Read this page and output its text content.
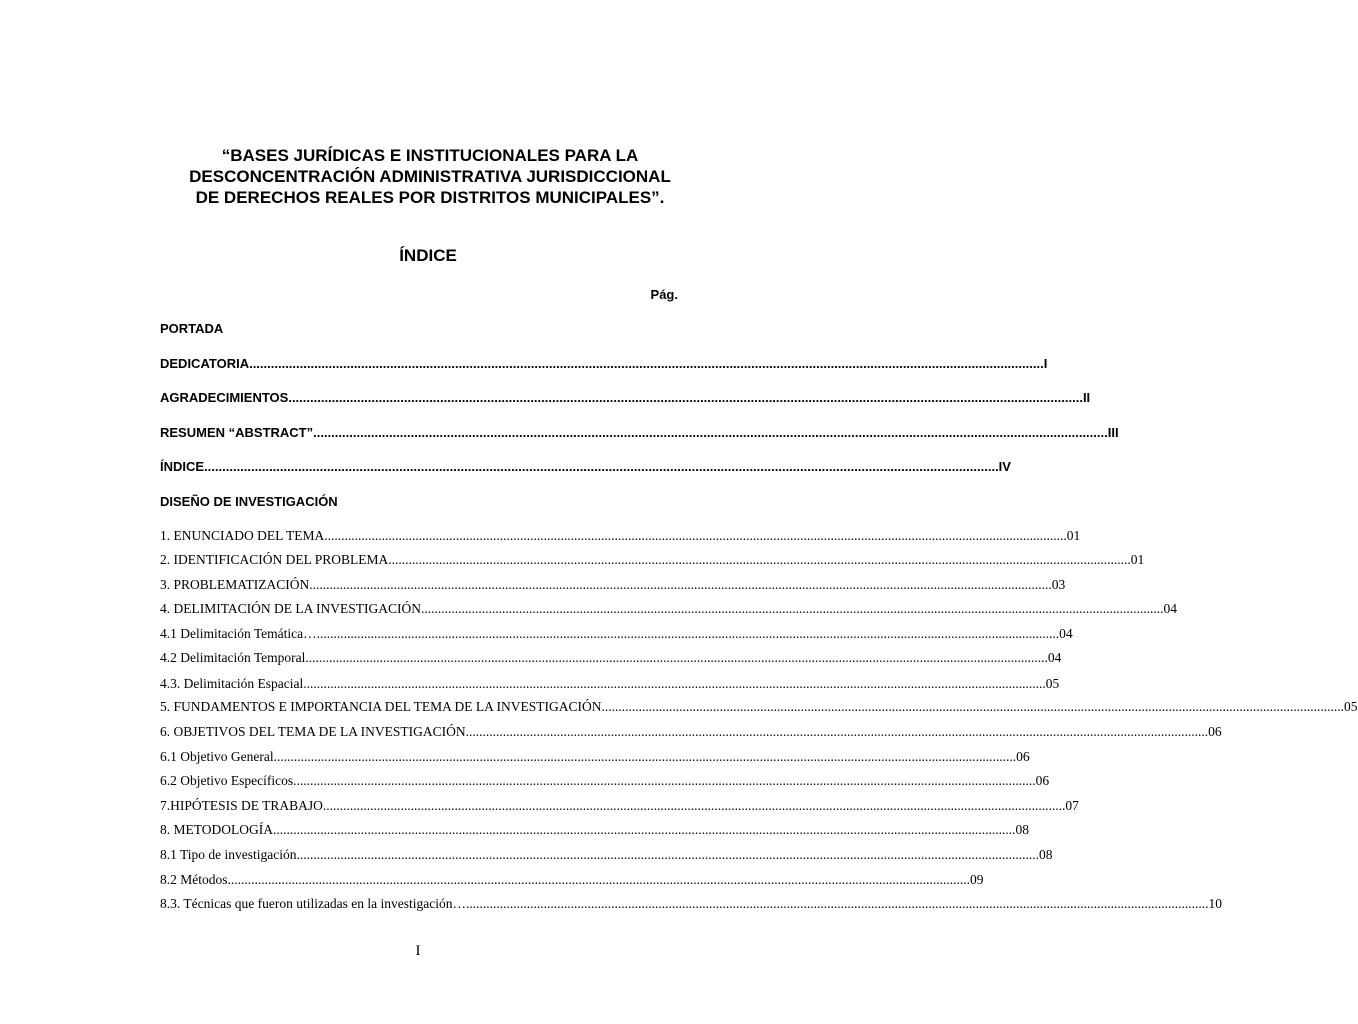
“BASES JURÍDICAS E INSTITUCIONALES PARA LA
DESCONCENTRACIÓN ADMINISTRATIVA JURISDICCIONAL
DE DERECHOS REALES POR DISTRITOS MUNICIPALES”.
ÍNDICE
Pág.
PORTADA
DEDICATORIA ............................................................................................................................................................................................................................ I
AGRADECIMIENTOS ............................................................................................................................................................................................................................ II
RESUMEN “ABSTRACT” ............................................................................................................................................................................................................................ III
ÍNDICE ............................................................................................................................................................................................................................ IV
DISEÑO DE INVESTIGACIÓN
1. ENUNCIADO DEL TEMA ............................................................................................................................................................................................................................ 01
2. IDENTIFICACIÓN DEL PROBLEMA ............................................................................................................................................................................................................................ 01
3. PROBLEMATIZACIÓN ............................................................................................................................................................................................................................ 03
4. DELIMITACIÓN DE LA INVESTIGACIÓN ............................................................................................................................................................................................................................ 04
4.1 Delimitación Temática… ............................................................................................................................................................................................................................ 04
4.2 Delimitación Temporal ............................................................................................................................................................................................................................ 04
4.3. Delimitación Espacial ............................................................................................................................................................................................................................ 05
5. FUNDAMENTOS E IMPORTANCIA DEL TEMA DE LA INVESTIGACIÓN ............................................................................................................................................................................................................................ 05
6. OBJETIVOS DEL TEMA DE LA INVESTIGACIÓN ............................................................................................................................................................................................................................ 06
6.1 Objetivo General ............................................................................................................................................................................................................................ 06
6.2 Objetivo Específicos ............................................................................................................................................................................................................................ 06
7.HIPÓTESIS DE TRABAJO ............................................................................................................................................................................................................................ 07
8. METODOLOGÍA ............................................................................................................................................................................................................................ 08
8.1 Tipo de investigación ............................................................................................................................................................................................................................ 08
8.2 Métodos ............................................................................................................................................................................................................................ 09
8.3. Técnicas que fueron utilizadas en la investigación… ............................................................................................................................................................................................................................ 10
I
